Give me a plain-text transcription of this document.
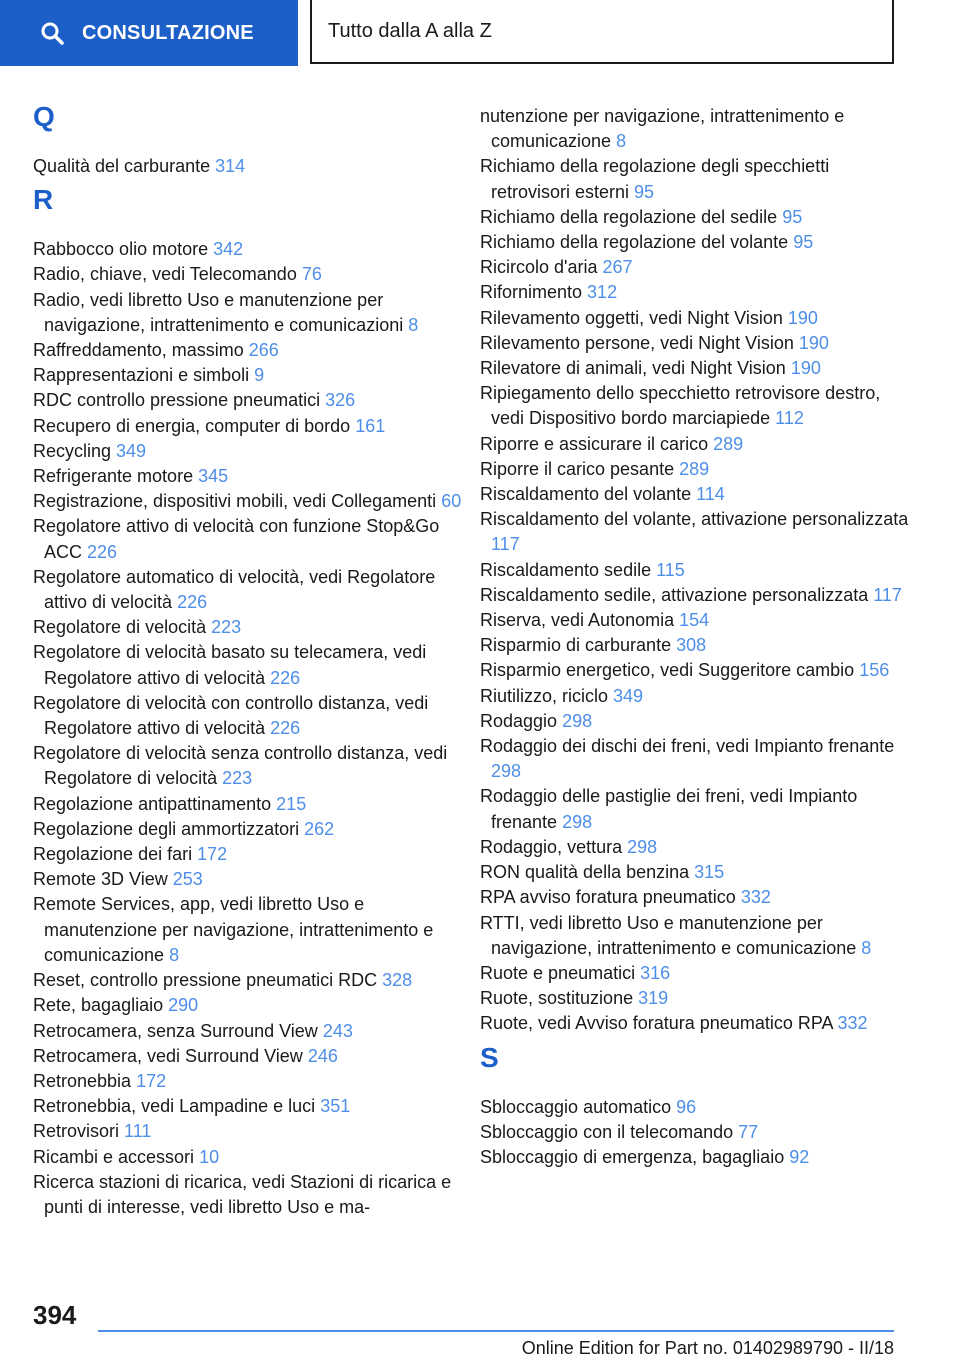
CONSULTAZIONE	Tutto dalla A alla Z
Q
Qualità del carburante 314
R
Rabbocco olio motore 342
Radio, chiave, vedi Telecomando 76
Radio, vedi libretto Uso e manutenzione per navigazione, intrattenimento e comunicazioni 8
Raffreddamento, massimo 266
Rappresentazioni e simboli 9
RDC controllo pressione pneumatici 326
Recupero di energia, computer di bordo 161
Recycling 349
Refrigerante motore 345
Registrazione, dispositivi mobili, vedi Collegamenti 60
Regolatore attivo di velocità con funzione Stop&Go ACC 226
Regolatore automatico di velocità, vedi Regolatore attivo di velocità 226
Regolatore di velocità 223
Regolatore di velocità basato su telecamera, vedi Regolatore attivo di velocità 226
Regolatore di velocità con controllo distanza, vedi Regolatore attivo di velocità 226
Regolatore di velocità senza controllo distanza, vedi Regolatore di velocità 223
Regolazione antipattinamento 215
Regolazione degli ammortizzatori 262
Regolazione dei fari 172
Remote 3D View 253
Remote Services, app, vedi libretto Uso e manutenzione per navigazione, intrattenimento e comunicazione 8
Reset, controllo pressione pneumatici RDC 328
Rete, bagagliaio 290
Retrocamera, senza Surround View 243
Retrocamera, vedi Surround View 246
Retronebbia 172
Retronebbia, vedi Lampadine e luci 351
Retrovisori 111
Ricambi e accessori 10
Ricerca stazioni di ricarica, vedi Stazioni di ricarica e punti di interesse, vedi libretto Uso e ma-
nutenzione per navigazione, intrattenimento e comunicazione 8
Richiamo della regolazione degli specchietti retrovisori esterni 95
Richiamo della regolazione del sedile 95
Richiamo della regolazione del volante 95
Ricircolo d'aria 267
Rifornimento 312
Rilevamento oggetti, vedi Night Vision 190
Rilevamento persone, vedi Night Vision 190
Rilevatore di animali, vedi Night Vision 190
Ripiegamento dello specchietto retrovisore destro, vedi Dispositivo bordo marciapiede 112
Riporre e assicurare il carico 289
Riporre il carico pesante 289
Riscaldamento del volante 114
Riscaldamento del volante, attivazione personalizzata 117
Riscaldamento sedile 115
Riscaldamento sedile, attivazione personalizzata 117
Riserva, vedi Autonomia 154
Risparmio di carburante 308
Risparmio energetico, vedi Suggeritore cambio 156
Riutilizzo, riciclo 349
Rodaggio 298
Rodaggio dei dischi dei freni, vedi Impianto frenante 298
Rodaggio delle pastiglie dei freni, vedi Impianto frenante 298
Rodaggio, vettura 298
RON qualità della benzina 315
RPA avviso foratura pneumatico 332
RTTI, vedi libretto Uso e manutenzione per navigazione, intrattenimento e comunicazione 8
Ruote e pneumatici 316
Ruote, sostituzione 319
Ruote, vedi Avviso foratura pneumatico RPA 332
S
Sbloccaggio automatico 96
Sbloccaggio con il telecomando 77
Sbloccaggio di emergenza, bagagliaio 92
394
Online Edition for Part no. 01402989790 - II/18
